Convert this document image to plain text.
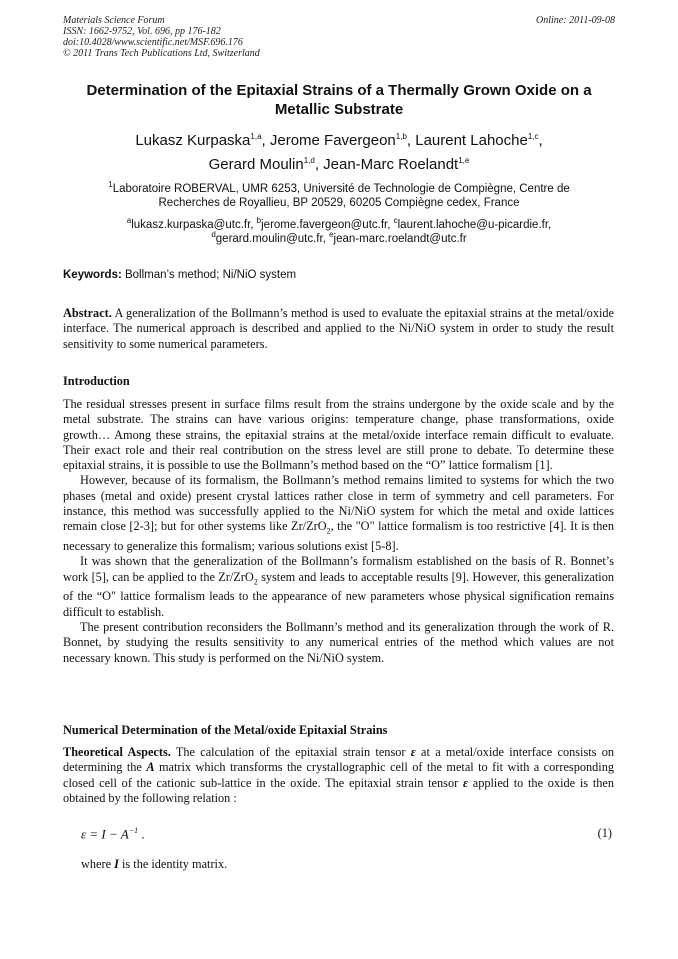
Materials Science Forum
ISSN: 1662-9752, Vol. 696, pp 176-182
doi:10.4028/www.scientific.net/MSF.696.176
© 2011 Trans Tech Publications Ltd, Switzerland
Online: 2011-09-08
Determination of the Epitaxial Strains of a Thermally Grown Oxide on a
Metallic Substrate
Lukasz Kurpaska$^{1,a}$, Jerome Favergeon$^{1,b}$, Laurent Lahoche$^{1,c}$,
Gerard Moulin$^{1,d}$, Jean-Marc Roelandt$^{1,e}$
$^1$Laboratoire ROBERVAL, UMR 6253, Université de Technologie de Compiègne, Centre de
Recherches de Royallieu, BP 20529, 60205 Compiègne cedex, France
$^a$lukasz.kurpaska@utc.fr, $^b$jerome.favergeon@utc.fr, $^c$laurent.lahoche@u-picardie.fr,
$^d$gerard.moulin@utc.fr, $^e$jean-marc.roelandt@utc.fr
Keywords: Bollman’s method; Ni/NiO system

Abstract. A generalization of the Bollmann’s method is used to evaluate the epitaxial strains at the metal/oxide interface. The numerical approach is described and applied to the Ni/NiO system in order to study the result sensitivity to some numerical parameters.

Introduction

The residual stresses present in surface films result from the strains undergone by the oxide scale and by the metal substrate. The strains can have various origins: temperature change, phase transformations, oxide growth… Among these strains, the epitaxial strains at the metal/oxide interface remain difficult to evaluate. Their exact role and their real contribution on the stress level are still prone to debate. To determine these epitaxial strains, it is possible to use the Bollmann’s method based on the “O” lattice formalism [1].

However, because of its formalism, the Bollmann’s method remains limited to systems for which the two phases (metal and oxide) present crystal lattices rather close in term of symmetry and cell parameters. For instance, this method was successfully applied to the Ni/NiO system for which the metal and oxide lattices remain close [2-3]; but for other systems like Zr/ZrO$_2$, the "O" lattice formalism is too restrictive [4]. It is then necessary to generalize this formalism; various solutions exist [5-8].

It was shown that the generalization of the Bollmann’s formalism established on the basis of R. Bonnet’s work [5], can be applied to the Zr/ZrO$_2$ system and leads to acceptable results [9]. However, this generalization of the “O" lattice formalism leads to the appearance of new parameters whose physical signification remains difficult to establish.

The present contribution reconsiders the Bollmann’s method and its generalization through the work of R. Bonnet, by studying the results sensitivity to any numerical entries of the method which values are not necessary known. This study is performed on the Ni/NiO system.

Numerical Determination of the Metal/oxide Epitaxial Strains

Theoretical Aspects. The calculation of the epitaxial strain tensor ε at a metal/oxide interface consists on determining the A matrix which transforms the crystallographic cell of the metal to fit with a corresponding closed cell of the cationic sub-lattice in the oxide. The epitaxial strain tensor ε applied to the oxide is then obtained by the following relation :

$\varepsilon = I - A^{-1}$ .	(1)
where I is the identity matrix.
